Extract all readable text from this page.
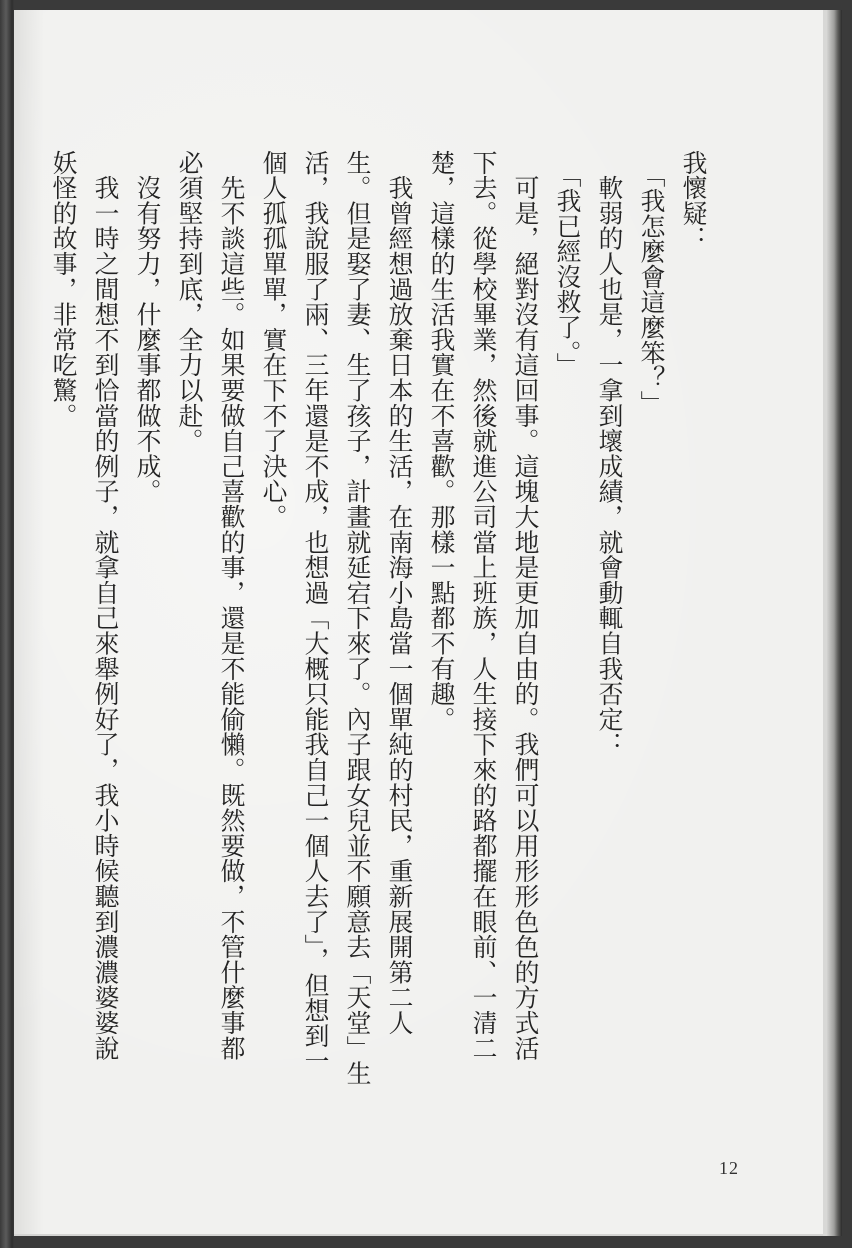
我懷疑：

　「我怎麼會這麼笨？」

　軟弱的人也是，一拿到壞成績，就會動輒自我否定：

　「我已經沒救了。」

　可是，絕對沒有這回事。這塊大地是更加自由的。我們可以用形形色色的方式活

下去。從學校畢業，然後就進公司當上班族，人生接下來的路都擺在眼前、一清二

楚，這樣的生活我實在不喜歡。那樣一點都不有趣。

　我曾經想過放棄日本的生活，在南海小島當一個單純的村民，重新展開第二人

生。但是娶了妻、生了孩子，計畫就延宕下來了。內子跟女兒並不願意去「天堂」生

活，我說服了兩、三年還是不成，也想過「大概只能我自己一個人去了」，但想到一

個人孤孤單單，實在下不了決心。

　先不談這些。如果要做自己喜歡的事，還是不能偷懶。既然要做，不管什麼事都

必須堅持到底，全力以赴。

　沒有努力，什麼事都做不成。

　我一時之間想不到恰當的例子，就拿自己來舉例好了，我小時候聽到濃濃婆婆說

妖怪的故事，非常吃驚。

12
